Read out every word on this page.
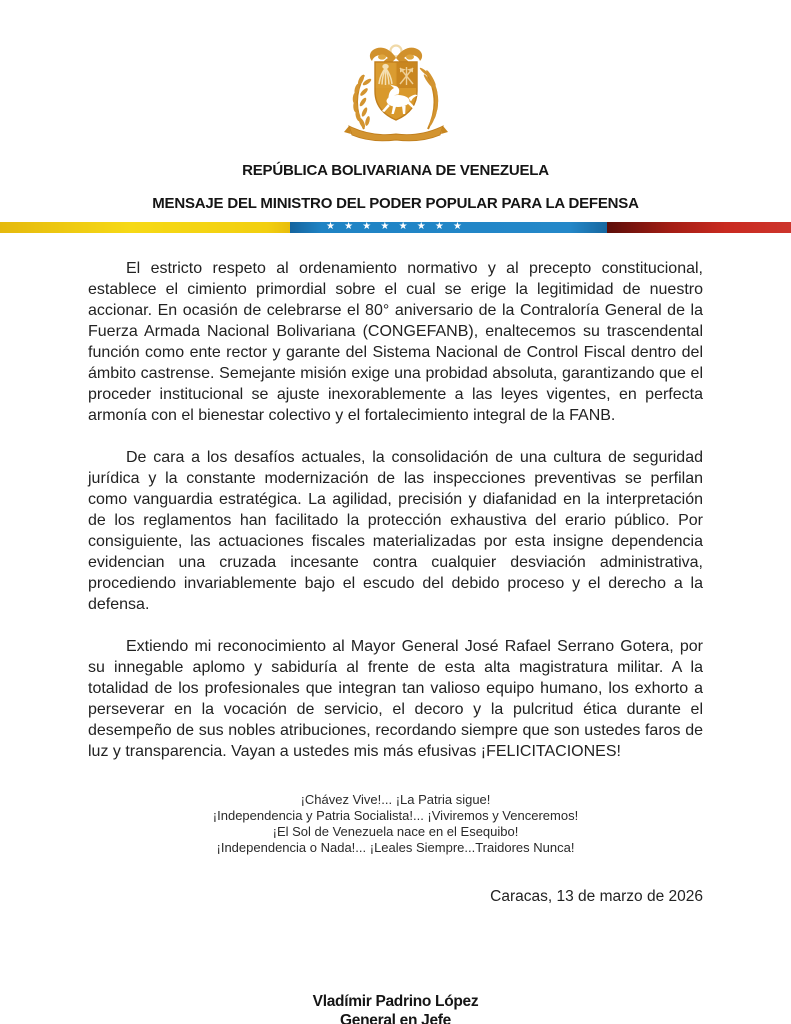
REPÚBLICA BOLIVARIANA DE VENEZUELA
MENSAJE DEL MINISTRO DEL PODER POPULAR PARA LA DEFENSA
★ ★ ★ ★ ★ ★ ★ ★

El estricto respeto al ordenamiento normativo y al precepto constitucional, establece el cimiento primordial sobre el cual se erige la legitimidad de nuestro accionar. En ocasión de celebrarse el 80° aniversario de la Contraloría General de la Fuerza Armada Nacional Bolivariana (CONGEFANB), enaltecemos su trascendental función como ente rector y garante del Sistema Nacional de Control Fiscal dentro del ámbito castrense. Semejante misión exige una probidad absoluta, garantizando que el proceder institucional se ajuste inexorablemente a las leyes vigentes, en perfecta armonía con el bienestar colectivo y el fortalecimiento integral de la FANB.

De cara a los desafíos actuales, la consolidación de una cultura de seguridad jurídica y la constante modernización de las inspecciones preventivas se perfilan como vanguardia estratégica. La agilidad, precisión y diafanidad en la interpretación de los reglamentos han facilitado la protección exhaustiva del erario público. Por consiguiente, las actuaciones fiscales materializadas por esta insigne dependencia evidencian una cruzada incesante contra cualquier desviación administrativa, procediendo invariablemente bajo el escudo del debido proceso y el derecho a la defensa.

Extiendo mi reconocimiento al Mayor General José Rafael Serrano Gotera, por su innegable aplomo y sabiduría al frente de esta alta magistratura militar. A la totalidad de los profesionales que integran tan valioso equipo humano, los exhorto a perseverar en la vocación de servicio, el decoro y la pulcritud ética durante el desempeño de sus nobles atribuciones, recordando siempre que son ustedes faros de luz y transparencia. Vayan a ustedes mis más efusivas ¡FELICITACIONES!

¡Chávez Vive!... ¡La Patria sigue!

¡Independencia y Patria Socialista!... ¡Viviremos y Venceremos!

¡El Sol de Venezuela nace en el Esequibo!

¡Independencia o Nada!... ¡Leales Siempre...Traidores Nunca!

Caracas, 13 de marzo de 2026

Vladímir Padrino López

General en Jefe
